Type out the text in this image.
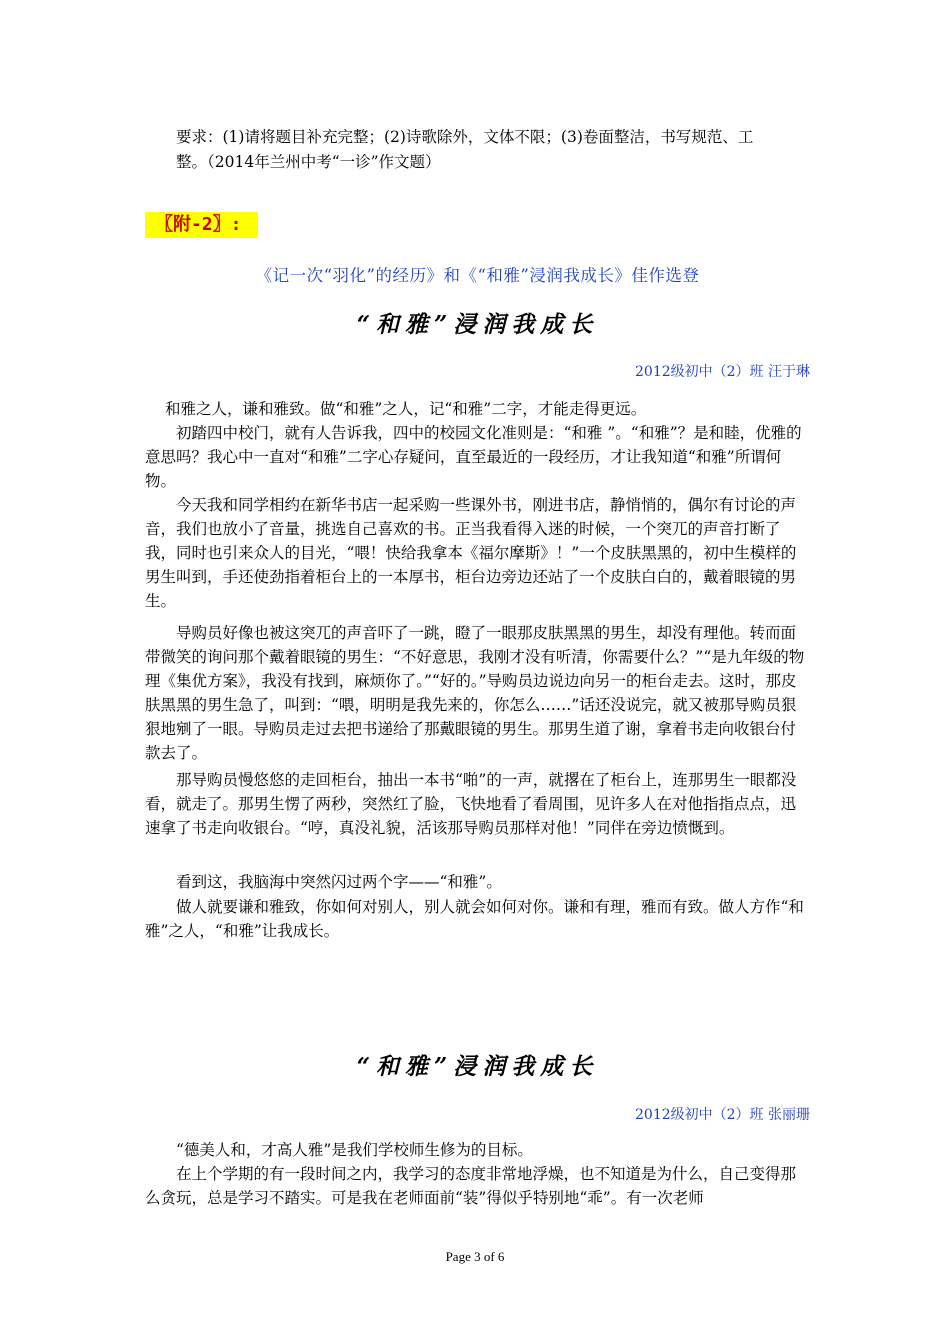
要求：(1)请将题目补充完整；(2)诗歌除外，文体不限；(3)卷面整洁，书写规范、工
整。（2014年兰州中考“一诊”作文题）
〖附-2〗:
《记一次“羽化”的经历》和《“和雅”浸润我成长》佳作选登
“和雅”浸润我成长
2012级初中（2）班 汪于琳
和雅之人，谦和雅致。做“和雅”之人，记“和雅”二字，才能走得更远。
初踏四中校门，就有人告诉我，四中的校园文化准则是：“和雅 ”。“和雅”？是和睦，优雅的意思吗？我心中一直对“和雅”二字心存疑问，直至最近的一段经历，才让我知道“和雅”所谓何物。
今天我和同学相约在新华书店一起采购一些课外书，刚进书店，静悄悄的，偶尔有讨论的声音，我们也放小了音量，挑选自己喜欢的书。正当我看得入迷的时候，一个突兀的声音打断了我，同时也引来众人的目光，“喂！快给我拿本《福尔摩斯》！”一个皮肤黑黑的，初中生模样的男生叫到，手还使劲指着柜台上的一本厚书，柜台边旁边还站了一个皮肤白白的，戴着眼镜的男生。
导购员好像也被这突兀的声音吓了一跳，瞪了一眼那皮肤黑黑的男生，却没有理他。转而面带微笑的询问那个戴着眼镜的男生：“不好意思，我刚才没有听清，你需要什么？”“是九年级的物理《集优方案》，我没有找到，麻烦你了。”“好的。”导购员边说边向另一的柜台走去。这时，那皮肤黑黑的男生急了，叫到：“喂，明明是我先来的，你怎么……”话还没说完，就又被那导购员狠狠地剜了一眼。导购员走过去把书递给了那戴眼镜的男生。那男生道了谢，拿着书走向收银台付款去了。
那导购员慢悠悠的走回柜台，抽出一本书“啪”的一声，就撂在了柜台上，连那男生一眼都没看，就走了。那男生愣了两秒，突然红了脸，飞快地看了看周围，见许多人在对他指指点点，迅速拿了书走向收银台。“哼，真没礼貌，活该那导购员那样对他！”同伴在旁边愤慨到。
看到这，我脑海中突然闪过两个字——“和雅”。
做人就要谦和雅致，你如何对别人，别人就会如何对你。谦和有理，雅而有致。做人方作“和雅”之人，“和雅”让我成长。
“和雅”浸润我成长
2012级初中（2）班 张丽珊
“德美人和，才高人雅”是我们学校师生修为的目标。
在上个学期的有一段时间之内，我学习的态度非常地浮燥，也不知道是为什么，自己变得那么贪玩，总是学习不踏实。可是我在老师面前“装”得似乎特别地“乖”。有一次老师
Page 3 of 6
